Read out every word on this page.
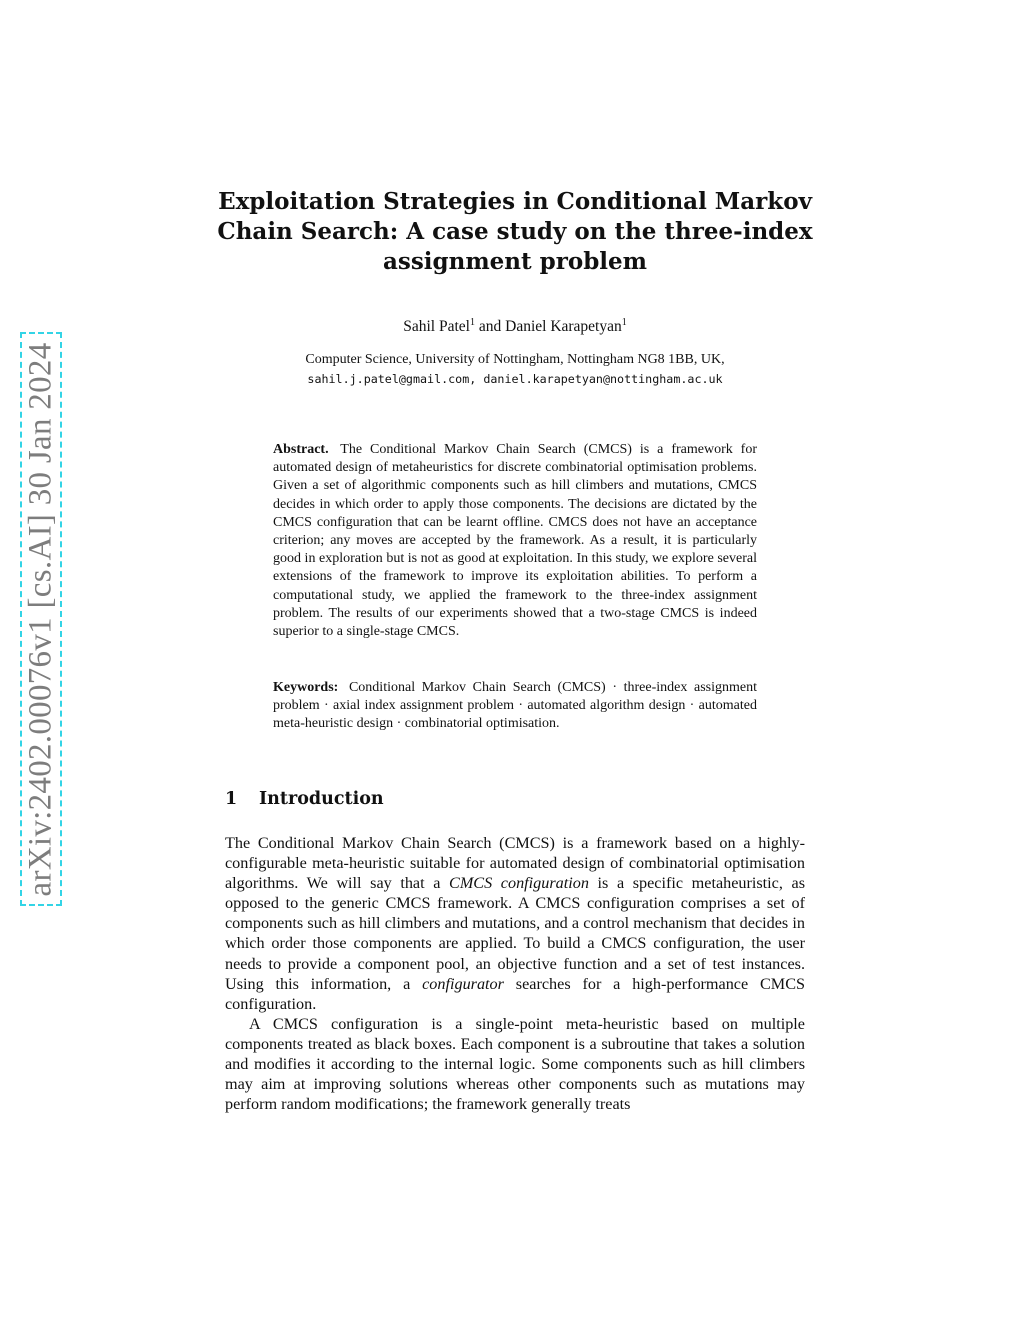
arXiv:2402.00076v1 [cs.AI] 30 Jan 2024
Exploitation Strategies in Conditional Markov
Chain Search: A case study on the three-index
assignment problem
Sahil Patel$^1$ and Daniel Karapetyan$^1$
Computer Science, University of Nottingham, Nottingham NG8 1BB, UK,
sahil.j.patel@gmail.com, daniel.karapetyan@nottingham.ac.uk

Abstract. The Conditional Markov Chain Search (CMCS) is a framework for automated design of metaheuristics for discrete combinatorial optimisation problems. Given a set of algorithmic components such as hill climbers and mutations, CMCS decides in which order to apply those components. The decisions are dictated by the CMCS configuration that can be learnt offline. CMCS does not have an acceptance criterion; any moves are accepted by the framework. As a result, it is particularly good in exploration but is not as good at exploitation. In this study, we explore several extensions of the framework to improve its exploitation abilities. To perform a computational study, we applied the framework to the three-index assignment problem. The results of our experiments showed that a two-stage CMCS is indeed superior to a single-stage CMCS.

Keywords: Conditional Markov Chain Search (CMCS) · three-index assignment problem · axial index assignment problem · automated algorithm design · automated meta-heuristic design · combinatorial optimisation.

1 Introduction

The Conditional Markov Chain Search (CMCS) is a framework based on a highly-configurable meta-heuristic suitable for automated design of combinatorial optimisation algorithms. We will say that a CMCS configuration is a specific metaheuristic, as opposed to the generic CMCS framework. A CMCS configuration comprises a set of components such as hill climbers and mutations, and a control mechanism that decides in which order those components are applied. To build a CMCS configuration, the user needs to provide a component pool, an objective function and a set of test instances. Using this information, a configurator searches for a high-performance CMCS configuration.

A CMCS configuration is a single-point meta-heuristic based on multiple components treated as black boxes. Each component is a subroutine that takes a solution and modifies it according to the internal logic. Some components such as hill climbers may aim at improving solutions whereas other components such as mutations may perform random modifications; the framework generally treats
